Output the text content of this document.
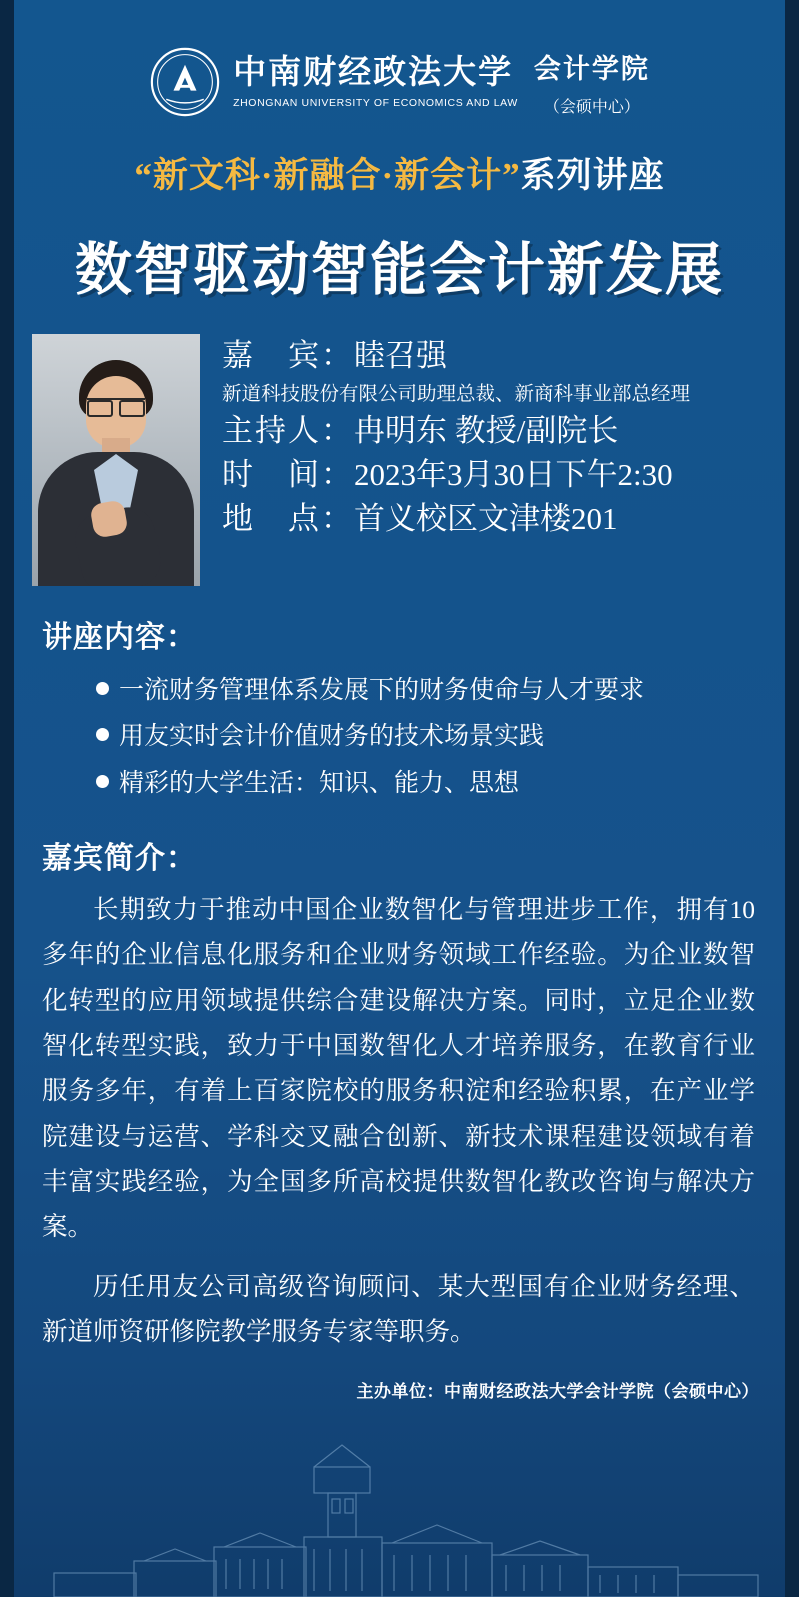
中南财经政法大学
ZHONGNAN UNIVERSITY OF ECONOMICS AND LAW
会计学院
（会硕中心）
“新文科·新融合·新会计”系列讲座
数智驱动智能会计新发展
嘉　宾：睦召强
新道科技股份有限公司助理总裁、新商科事业部总经理
主持人：冉明东 教授/副院长
时　间：2023年3月30日下午2:30
地　点：首义校区文津楼201
讲座内容：
一流财务管理体系发展下的财务使命与人才要求
用友实时会计价值财务的技术场景实践
精彩的大学生活：知识、能力、思想
嘉宾简介：

长期致力于推动中国企业数智化与管理进步工作，拥有10多年的企业信息化服务和企业财务领域工作经验。为企业数智化转型的应用领域提供综合建设解决方案。同时，立足企业数智化转型实践，致力于中国数智化人才培养服务，在教育行业服务多年，有着上百家院校的服务积淀和经验积累，在产业学院建设与运营、学科交叉融合创新、新技术课程建设领域有着丰富实践经验，为全国多所高校提供数智化教改咨询与解决方案。

历任用友公司高级咨询顾问、某大型国有企业财务经理、新道师资研修院教学服务专家等职务。

主办单位：中南财经政法大学会计学院（会硕中心）
